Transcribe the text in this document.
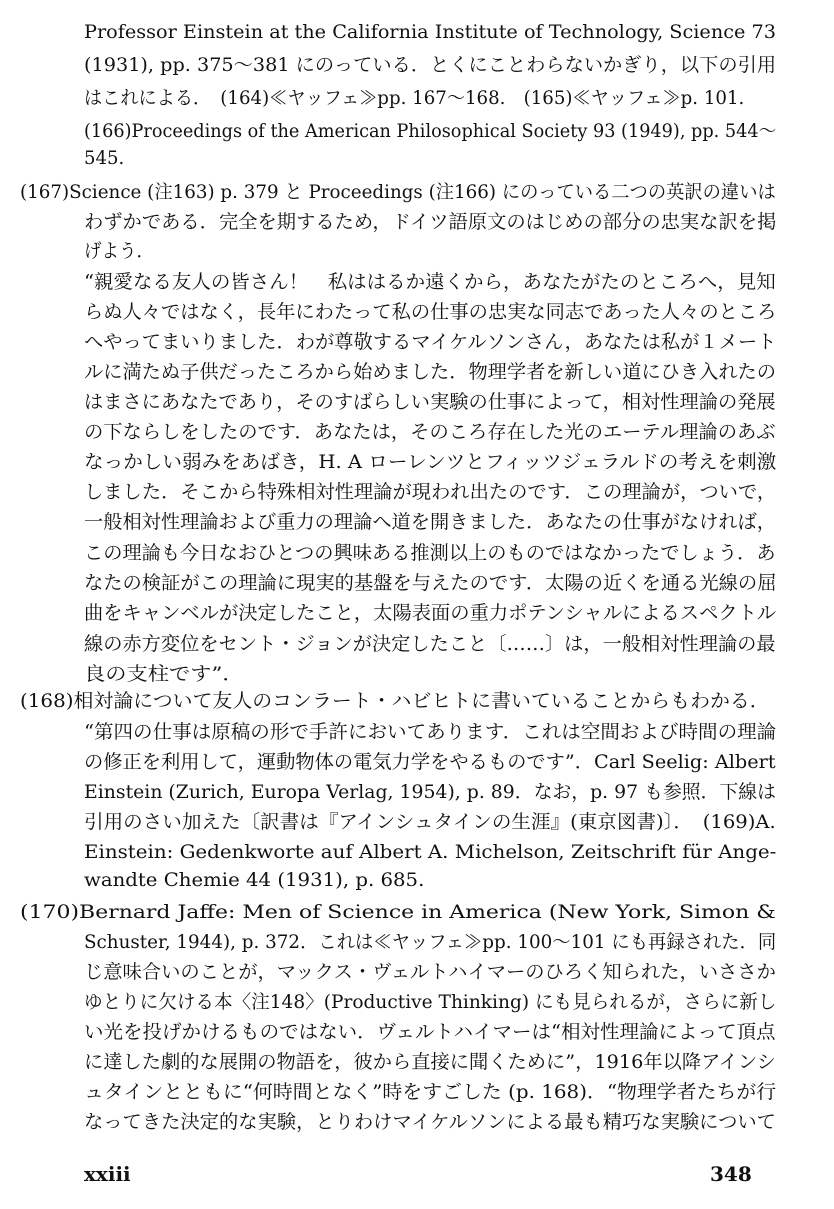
Professor Einstein at the California Institute of Technology, Science 73
(1931), pp. 375〜381 にのっている．とくにことわらないかぎり，以下の引用
はこれによる．　(164)≪ヤッフェ≫pp. 167〜168.　(165)≪ヤッフェ≫p. 101.
(166)Proceedings of the American Philosophical Society 93 (1949), pp. 544〜
545.
(167)Science (注163) p. 379 と Proceedings (注166) にのっている二つの英訳の違いは
わずかである．完全を期するため，ドイツ語原文のはじめの部分の忠実な訳を掲
げよう．
“親愛なる友人の皆さん！　私ははるか遠くから，あなたがたのところへ，見知
らぬ人々ではなく，長年にわたって私の仕事の忠実な同志であった人々のところ
へやってまいりました．わが尊敬するマイケルソンさん，あなたは私が１メート
ルに満たぬ子供だったころから始めました．物理学者を新しい道にひき入れたの
はまさにあなたであり，そのすばらしい実験の仕事によって，相対性理論の発展
の下ならしをしたのです．あなたは，そのころ存在した光のエーテル理論のあぶ
なっかしい弱みをあばき，H. A ローレンツとフィッツジェラルドの考えを刺激
しました．そこから特殊相対性理論が現われ出たのです．この理論が，ついで，
一般相対性理論および重力の理論へ道を開きました．あなたの仕事がなければ，
この理論も今日なおひとつの興味ある推測以上のものではなかったでしょう．あ
なたの検証がこの理論に現実的基盤を与えたのです．太陽の近くを通る光線の屈
曲をキャンベルが決定したこと，太陽表面の重力ポテンシャルによるスペクトル
線の赤方変位をセント・ジョンが決定したこと〔……〕は，一般相対性理論の最
良の支柱です”．
(168)相対論について友人のコンラート・ハビヒトに書いていることからもわかる．
“第四の仕事は原稿の形で手許においてあります．これは空間および時間の理論
の修正を利用して，運動物体の電気力学をやるものです”．Carl Seelig: Albert
Einstein (Zurich, Europa Verlag, 1954), p. 89．なお，p. 97 も参照．下線は
引用のさい加えた〔訳書は『アインシュタインの生涯』(東京図書)〕．　(169)A.
Einstein: Gedenkworte auf Albert A. Michelson, Zeitschrift für Ange-
wandte Chemie 44 (1931), p. 685.
(170)Bernard Jaffe: Men of Science in America (New York, Simon &
Schuster, 1944), p. 372．これは≪ヤッフェ≫pp. 100〜101 にも再録された．同
じ意味合いのことが，マックス・ヴェルトハイマーのひろく知られた，いささか
ゆとりに欠ける本〈注148〉(Productive Thinking) にも見られるが，さらに新し
い光を投げかけるものではない．ヴェルトハイマーは“相対性理論によって頂点
に達した劇的な展開の物語を，彼から直接に聞くために”，1916年以降アインシ
ュタインとともに“何時間となく”時をすごした (p. 168)．“物理学者たちが行
なってきた決定的な実験，とりわけマイケルソンによる最も精巧な実験について
xxiii	348
